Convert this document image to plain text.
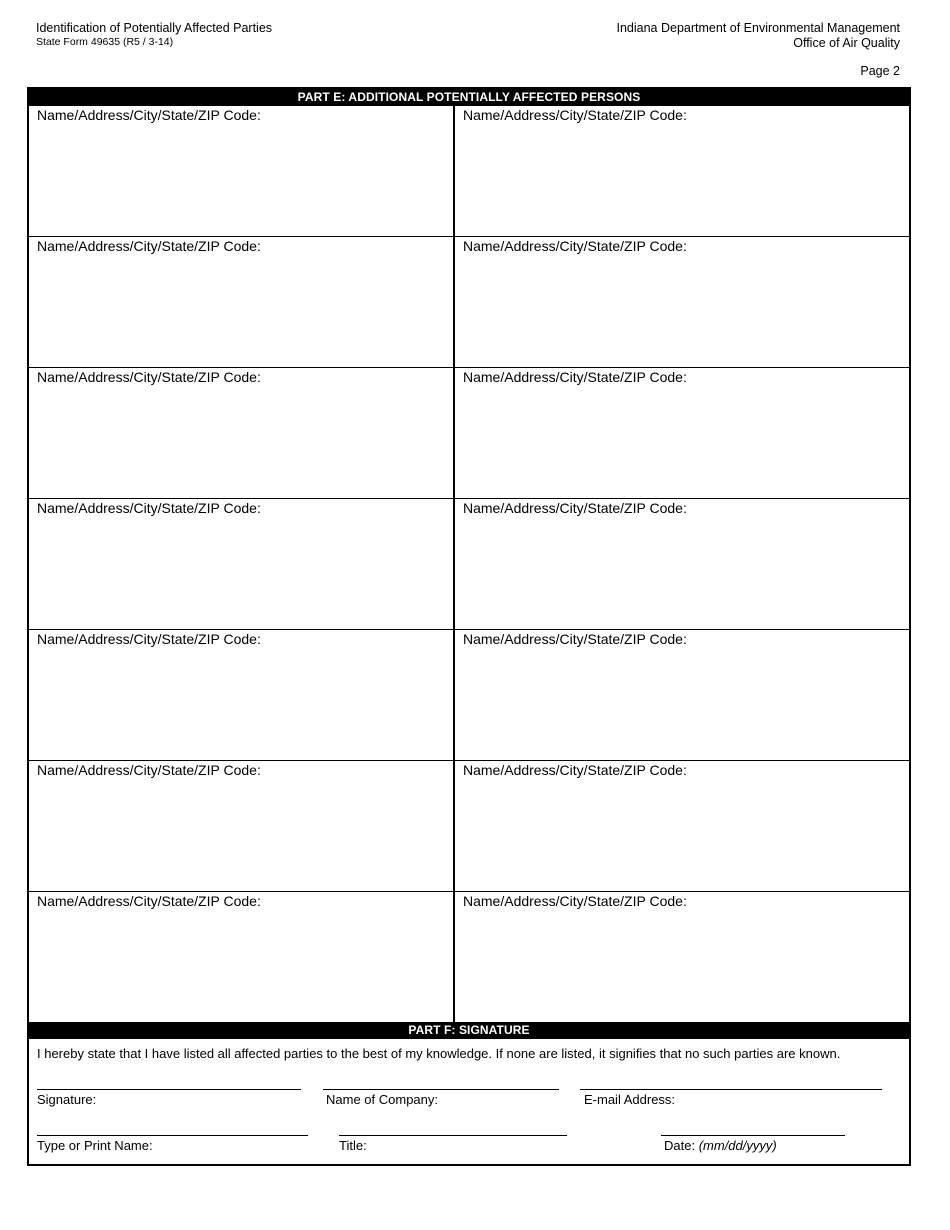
Identification of Potentially Affected Parties
State Form 49635 (R5 / 3-14)
Indiana Department of Environmental Management
Office of Air Quality
Page 2
PART E: ADDITIONAL POTENTIALLY AFFECTED PERSONS
Name/Address/City/State/ZIP Code:	Name/Address/City/State/ZIP Code:
Name/Address/City/State/ZIP Code:	Name/Address/City/State/ZIP Code:
Name/Address/City/State/ZIP Code:	Name/Address/City/State/ZIP Code:
Name/Address/City/State/ZIP Code:	Name/Address/City/State/ZIP Code:
Name/Address/City/State/ZIP Code:	Name/Address/City/State/ZIP Code:
Name/Address/City/State/ZIP Code:	Name/Address/City/State/ZIP Code:
Name/Address/City/State/ZIP Code:	Name/Address/City/State/ZIP Code:
PART F: SIGNATURE
I hereby state that I have listed all affected parties to the best of my knowledge. If none are listed, it signifies that no such parties are known.
Signature:	Name of Company:	E-mail Address:
Type or Print Name:	Title:	Date: (mm/dd/yyyy)
